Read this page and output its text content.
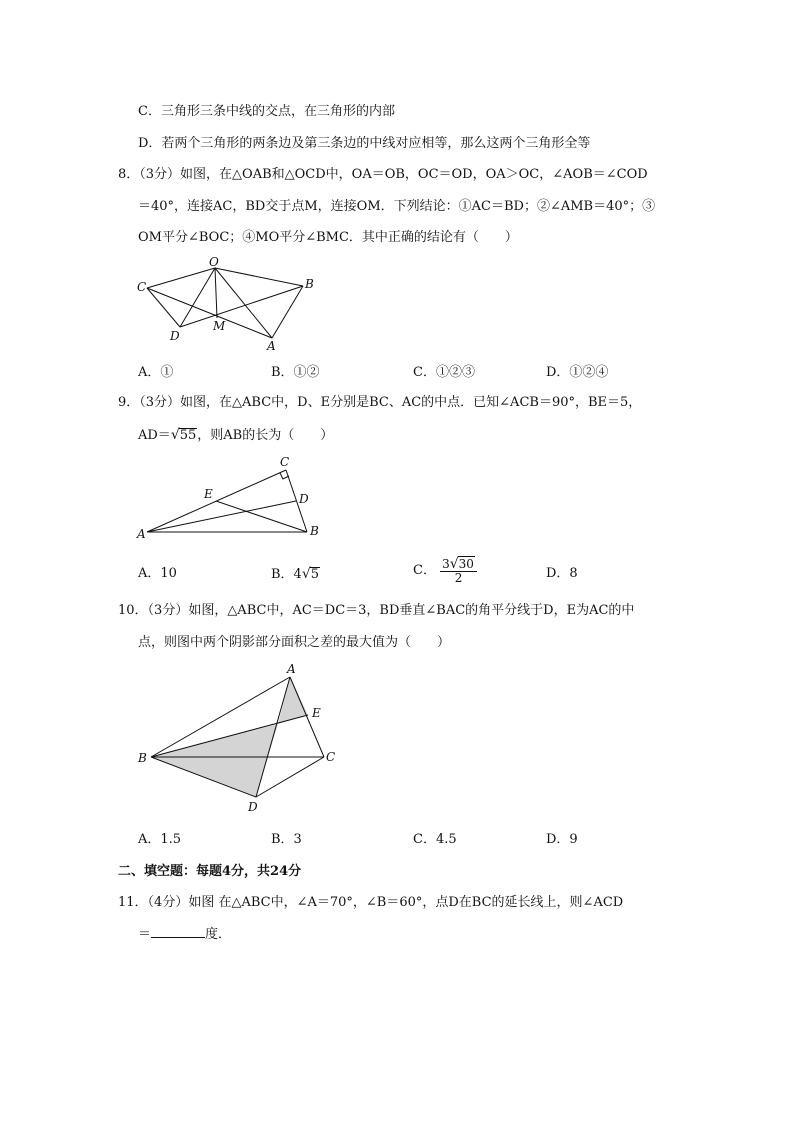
C．三角形三条中线的交点，在三角形的内部
D．若两个三角形的两条边及第三条边的中线对应相等，那么这两个三角形全等
8．（3分）如图，在△OAB和△OCD中，OA＝OB，OC＝OD，OA＞OC，∠AOB＝∠COD
＝40°，连接AC，BD交于点M，连接OM．下列结论：①AC＝BD；②∠AMB＝40°；③
OM平分∠BOC；④MO平分∠BMC．其中正确的结论有（　　）
O
C	B
D
M
A
A．①	B．①②	C．①②③	D．①②④
9．（3分）如图，在△ABC中，D、E分别是BC、AC的中点．已知∠ACB＝90°，BE＝5，
AD＝√55，则AB的长为（　　）
C
E	D
A	B
A．10	B．4√5	C． $\frac{3√30}{2}$	D．8
10．（3分）如图，△ABC中，AC＝DC＝3，BD垂直∠BAC的角平分线于D，E为AC的中
点，则图中两个阴影部分面积之差的最大值为（　　）
A
E
B	C
D
A．1.5	B．3	C．4.5	D．9
二、填空题：每题4分，共24分
11．（4分）如图 在△ABC中，∠A＝70°，∠B＝60°，点D在BC的延长线上，则∠ACD
＝	度．
